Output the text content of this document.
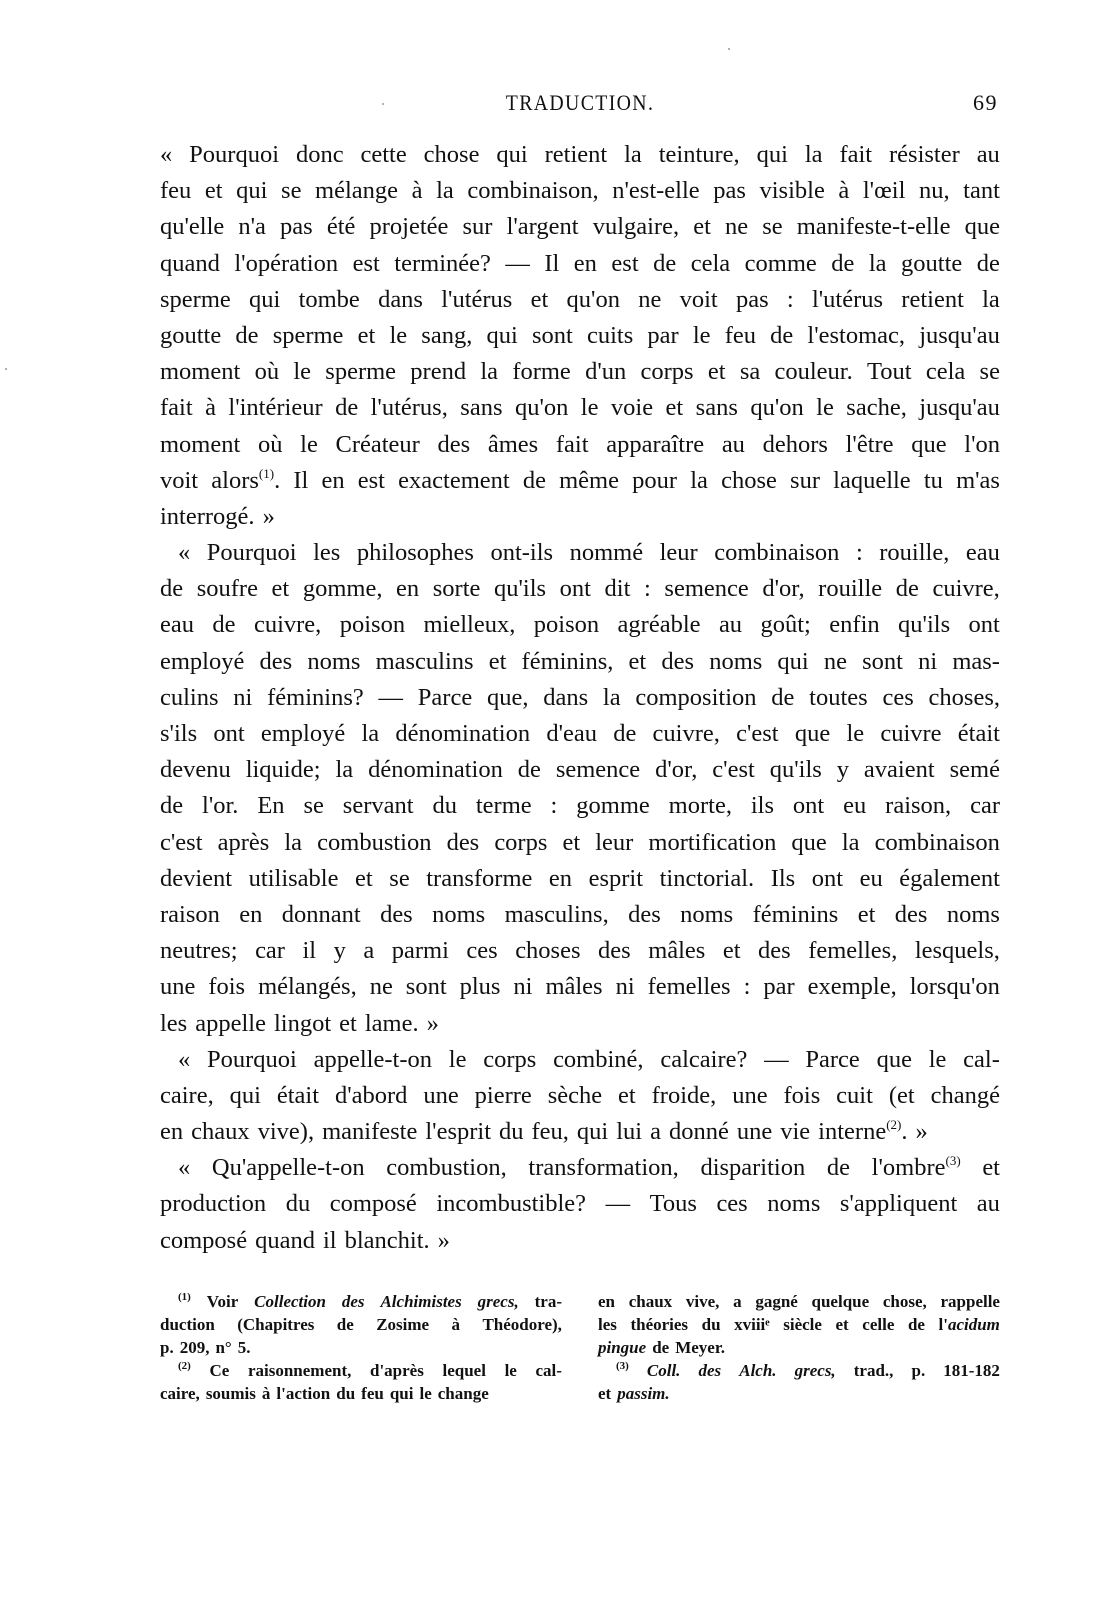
TRADUCTION.	69
« Pourquoi donc cette chose qui retient la teinture, qui la fait résister au
feu et qui se mélange à la combinaison, n'est-elle pas visible à l'œil nu, tant
qu'elle n'a pas été projetée sur l'argent vulgaire, et ne se manifeste-t-elle que
quand l'opération est terminée? — Il en est de cela comme de la goutte de
sperme qui tombe dans l'utérus et qu'on ne voit pas : l'utérus retient la
goutte de sperme et le sang, qui sont cuits par le feu de l'estomac, jusqu'au
moment où le sperme prend la forme d'un corps et sa couleur. Tout cela se
fait à l'intérieur de l'utérus, sans qu'on le voie et sans qu'on le sache, jusqu'au
moment où le Créateur des âmes fait apparaître au dehors l'être que l'on
voit alors$^{(1)}$. Il en est exactement de même pour la chose sur laquelle tu m'as
interrogé. »
« Pourquoi les philosophes ont-ils nommé leur combinaison : rouille, eau
de soufre et gomme, en sorte qu'ils ont dit : semence d'or, rouille de cuivre,
eau de cuivre, poison mielleux, poison agréable au goût; enfin qu'ils ont
employé des noms masculins et féminins, et des noms qui ne sont ni mas-
culins ni féminins? — Parce que, dans la composition de toutes ces choses,
s'ils ont employé la dénomination d'eau de cuivre, c'est que le cuivre était
devenu liquide; la dénomination de semence d'or, c'est qu'ils y avaient semé
de l'or. En se servant du terme : gomme morte, ils ont eu raison, car
c'est après la combustion des corps et leur mortification que la combinaison
devient utilisable et se transforme en esprit tinctorial. Ils ont eu également
raison en donnant des noms masculins, des noms féminins et des noms
neutres; car il y a parmi ces choses des mâles et des femelles, lesquels,
une fois mélangés, ne sont plus ni mâles ni femelles : par exemple, lorsqu'on
les appelle lingot et lame. »
« Pourquoi appelle-t-on le corps combiné, calcaire? — Parce que le cal-
caire, qui était d'abord une pierre sèche et froide, une fois cuit (et changé
en chaux vive), manifeste l'esprit du feu, qui lui a donné une vie interne$^{(2)}$. »
« Qu'appelle-t-on combustion, transformation, disparition de l'ombre$^{(3)}$ et
production du composé incombustible? — Tous ces noms s'appliquent au
composé quand il blanchit. »
$^{(1)}$ Voir Collection des Alchimistes grecs, tra-
duction (Chapitres de Zosime à Théodore),
p. 209, n° 5.
$^{(2)}$ Ce raisonnement, d'après lequel le cal-
caire, soumis à l'action du feu qui le change
en chaux vive, a gagné quelque chose, rappelle
les théories du xviiiᵉ siècle et celle de l'acidum
pingue de Meyer.
$^{(3)}$ Coll. des Alch. grecs, trad., p. 181-182
et passim.
